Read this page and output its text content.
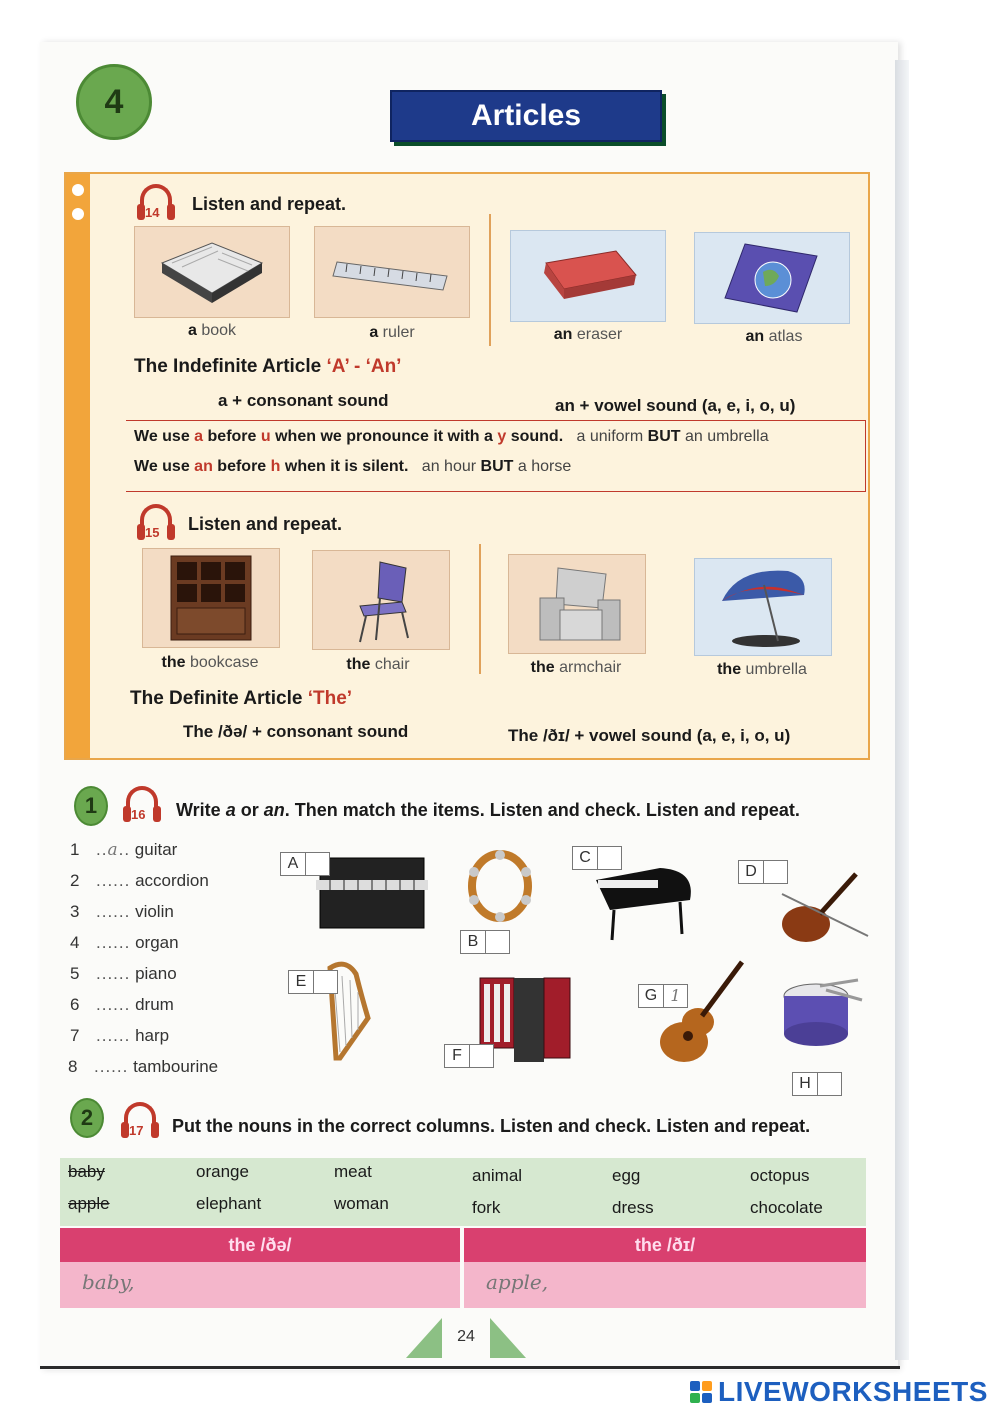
4	Articles
14 Listen and repeat.
a book	a ruler	an eraser	an atlas
The Indefinite Article ‘A’ - ‘An’
a + consonant sound	an + vowel sound (a, e, i, o, u)
We use a before u when we pronounce it with a y sound. a uniform BUT an umbrella
We use an before h when it is silent. an hour BUT a horse
15 Listen and repeat.
the bookcase	the chair	the armchair	the umbrella
The Definite Article ‘The’
The /ðə/ + consonant sound	The /ðɪ/ + vowel sound (a, e, i, o, u)
1	16 Write a or an. Then match the items. Listen and check. Listen and repeat.
1 ..a.. guitar
2 ...... accordion
3 ...... violin
4 ...... organ
5 ...... piano
6 ...... drum
7 ...... harp
8 ...... tambourine
A
B
C
D
E
F
G 1
H
2
17 Put the nouns in the correct columns. Listen and check. Listen and repeat.
baby	orange	meat	animal	egg	octopus
apple	elephant	woman	fork	dress	chocolate
the /ðə/	the /ðɪ/
baby,	apple,
24
LIVEWORKSHEETS
